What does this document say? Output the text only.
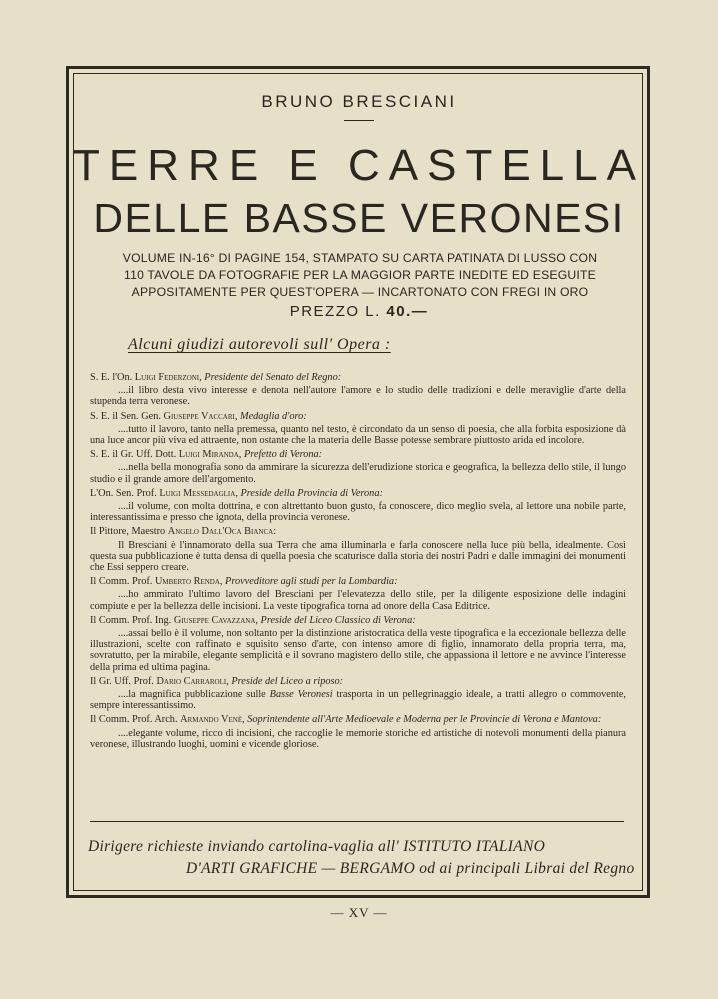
BRUNO BRESCIANI
TERRE E CASTELLA
DELLE BASSE VERONESI
VOLUME IN-16° DI PAGINE 154, STAMPATO SU CARTA PATINATA DI LUSSO CON
110 TAVOLE DA FOTOGRAFIE PER LA MAGGIOR PARTE INEDITE ED ESEGUITE
APPOSITAMENTE PER QUEST'OPERA — INCARTONATO CON FREGI IN ORO
PREZZO L. 40.—
Alcuni giudizi autorevoli sull' Opera :
S. E. l'On. Luigi Federzoni, Presidente del Senato del Regno:
....il libro desta vivo interesse e denota nell'autore l'amore e lo studio delle tradizioni e delle meraviglie d'arte della stupenda terra veronese.
S. E. il Sen. Gen. Giuseppe Vaccari, Medaglia d'oro:
....tutto il lavoro, tanto nella premessa, quanto nel testo, è circondato da un senso di poesia, che alla forbita esposizione dà una luce ancor più viva ed attraente, non ostante che la materia delle Basse potesse sembrare piuttosto arida ed incolore.
S. E. il Gr. Uff. Dott. Luigi Miranda, Prefetto di Verona:
....nella bella monografia sono da ammirare la sicurezza dell'erudizione storica e geografica, la bellezza dello stile, il lungo studio e il grande amore dell'argomento.
L'On. Sen. Prof. Luigi Messedaglia, Preside della Provincia di Verona:
....il volume, con molta dottrina, e con altrettanto buon gusto, fa conoscere, dico meglio svela, al lettore una nobile parte, interessantissima e presso che ignota, della provincia veronese.
Il Pittore, Maestro Angelo Dall'Oca Bianca:
Il Bresciani è l'innamorato della sua Terra che ama illuminarla e farla conoscere nella luce più bella, idealmente. Così questa sua pubblicazione è tutta densa di quella poesia che scaturisce dalla storia dei nostri Padri e dalle immagini dei monumenti che Essi seppero creare.
Il Comm. Prof. Umberto Renda, Provveditore agli studi per la Lombardia:
....ho ammirato l'ultimo lavoro del Bresciani per l'elevatezza dello stile, per la diligente esposizione delle indagini compiute e per la bellezza delle incisioni. La veste tipografica torna ad onore della Casa Editrice.
Il Comm. Prof. Ing. Giuseppe Cavazzana, Preside del Liceo Classico di Verona:
....assai bello è il volume, non soltanto per la distinzione aristocratica della veste tipografica e la eccezionale bellezza delle illustrazioni, scelte con raffinato e squisito senso d'arte, con intenso amore di figlio, innamorato della propria terra, ma, sovratutto, per la mirabile, elegante semplicità e il sovrano magistero dello stile, che appassiona il lettore e ne avvince l'interesse della prima ed ultima pagina.
Il Gr. Uff. Prof. Dario Carraroli, Preside del Liceo a riposo:
....la magnifica pubblicazione sulle Basse Veronesi trasporta in un pellegrinaggio ideale, a tratti allegro o commovente, sempre interessantissimo.
Il Comm. Prof. Arch. Armando Venè, Soprintendente all'Arte Medioevale e Moderna per le Provincie di Verona e Mantova:
....elegante volume, ricco di incisioni, che raccoglie le memorie storiche ed artistiche di notevoli monumenti della pianura veronese, illustrando luoghi, uomini e vicende gloriose.
Dirigere richieste inviando cartolina-vaglia all' ISTITUTO ITALIANO
D'ARTI GRAFICHE — BERGAMO od ai principali Librai del Regno
— XV —
